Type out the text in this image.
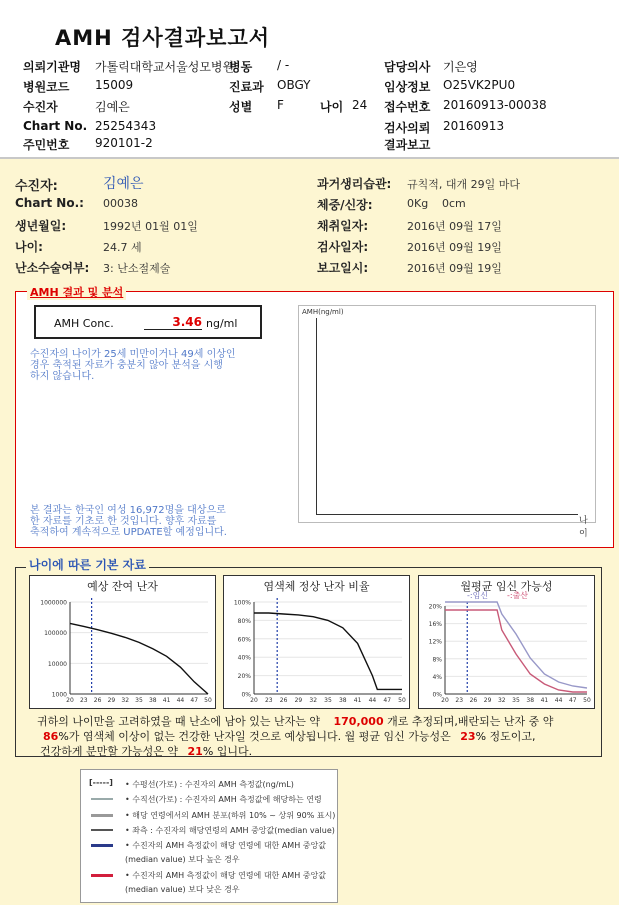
AMH 검사결과보고서
의뢰기관명 가톨릭대학교서울성모병원
병동 / -	담당의사 기은영
병원코드 15009	진료과 OBGY	임상정보 O25VK2PU0
수진자	김예은	성별 F	나이 24 접수번호 20160913-00038
Chart No. 25254343	검사의뢰 20160913
주민번호 920101-2	결과보고
수진자:	김예은
Chart No.: 00038
생년월일:	1992년 01월 01일
나이:	24.7 세
난소수술여부: 3: 난소절제술
과거생리습관: 규칙적, 대개 29일 마다
체중/신장:	0Kg 0cm
채취일자:	2016년 09월 17일
검사일자:	2016년 09월 19일
보고일시:	2016년 09월 19일
AMH 결과 및 분석
AMH Conc.	3.46 ng/ml
수진자의 나이가 25세 미만이거나 49세 이상인
경우 축적된 자료가 충분치 않아 분석을 시행
하지 않습니다.
본 결과는 한국인 여성 16,972명을 대상으로
한 자료를 기초로 한 것입니다. 향후 자료를
축적하여 계속적으로 UPDATE할 예정입니다.
AMH(ng/ml)
나이
나이에 따른 기본 자료
예상 잔여 난자	염색체 정상 난자 비율	월평균 임신 가능성
-:임신 -:출산
1000000
100000
10000
1000
20 23 26 29 32 35 38 41 44 47 50
100%
80%
60%
40%
20%
0%
20 23 26 29 32 35 38 41 44 47 50
20%
16%
12%
8%
4%
0%
20 23 26 29 32 35 38 41 44 47 50
귀하의 나이만을 고려하였을 때 난소에 남아 있는 난자는 약 170,000 개로 추정되며,배란되는 난자 중 약
86%가 염색체 이상이 없는 건강한 난자일 것으로 예상됩니다. 월 평균 임신 가능성은 23% 정도이고,
건강하게 분만할 가능성은 약 21% 입니다.
[-----] • 수평선(가로) : 수진자의 AMH 측정값(ng/mL)
• 수직선(가로) : 수진자의 AMH 측정값에 해당하는 연령
• 해당 연령에서의 AMH 분포(하위 10% ~ 상위 90% 표시)
• 좌측 : 수진자의 해당연령의 AMH 중앙값(median value)
• 수진자의 AMH 측정값이 해당 연령에 대한 AMH 중앙값
(median value) 보다 높은 경우
• 수진자의 AMH 측정값이 해당 연령에 대한 AMH 중앙값
(median value) 보다 낮은 경우
